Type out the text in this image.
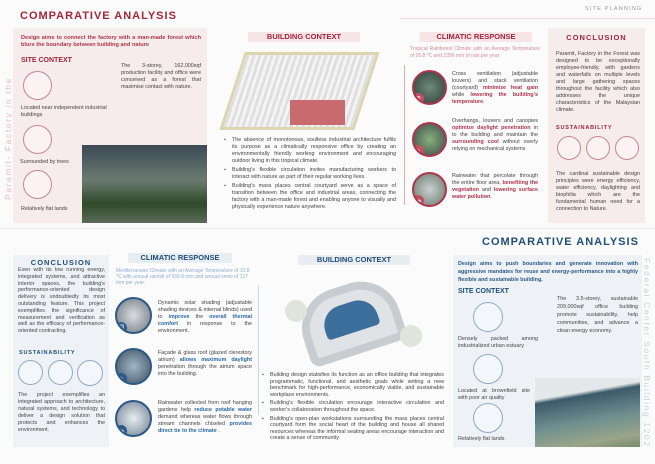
SITE PLANNING
COMPARATIVE ANALYSIS
Paramit- Factory in the
Design aims to connect the factory with a man-made forest which blurs the boundary between building and nature
SITE CONTEXT
The 3-storey, 162,000sqf production facility and office were conceived as a forest that maximise contact with nature.
Located near independent industrial buildings
Surrounded by trees
Relatively flat lands
BUILDING CONTEXT
▪ The absence of monotonous, soulless industrial architecture fulfils its purpose as a climatically responsive office by creating an environmentally friendly working environment and encouraging outdoor living in this tropical climate.
▪ Building's flexible circulation invites manufacturing workers to interact with nature as part of their regular working lives.
▪ Building's mass places central courtyard serve as a space of transition between the office and industrial areas, connecting the factory with a man-made forest and enabling anyone to visually and physically experience nature anywhere.
CLIMATIC RESPONSE
Tropical Rainforest Climate with an Average Temperature of 26.8 °C and 2356 mm of rain per year
≋
☼
☁
Cross ventilation (adjustable louvers) and stack ventilation (courtyard) minimize heat gain while lowering the building's temperature.
Overhangs, louvers and canopies optimize daylight penetration in to the building and maintain the surrounding cool without overly relying on mechanical systems
Rainwater that percolate through the entire floor area, benefiting the vegetation and lowering surface water pollution.
CONCLUSION
Paramit, Factory in the Forest was designed to be exceptionally employee-friendly, with gardens and waterfalls on multiple levels and large gathering spaces throughout the facility which also addresses the unique characteristics of the Malaysian climate.
SUSTAINABILITY
The cardinal sustainable design principles were energy efficiency, water efficiency, daylighting and biophilia which are the fundamental human need for a connection to Nature.
COMPARATIVE ANALYSIS
Federal Center South Building 1202
CONCLUSION
Even with its low running energy, integrated systems, and attractive interior spaces, the building's performance-oriented design delivery is undoubtedly its most outstanding feature. This project exemplifies the significance of measurement and verification as well as the efficacy of performance-oriented contracting.
SUSTAINABILITY
The project exemplifies an integrated approach to architecture, natural systems, and technology to deliver a design solution that protects and enhances the environment.
CLIMATIC RESPONSE
Mediterranean Climate with an Average Temperature of 10.8 °C with annual rainfall of 939.8 mm and annual snow of 127 mm per year.
▤
☼
☁
Dynamic solar shading (adjustable shading devices & internal blinds) used to improve the overall thermal comfort in response to the environment.
Façade & glass roof (glazed clerestory atrium) allows maximum daylight penetration through the atrium space into the building.
Rainwater collected from roof hanging gardens help reduce potable water demand whereas water flows through stream channels chiseled provides direct tie to the climate .
BUILDING CONTEXT
▪ Building design statisfies its function as an office building that integrates programmatic, functional, and aesthetic goals while setting a new benchmark for high-performance, economically viable, and sustainable workplace environments.
▪ Building's flexible circulation encourage interactive circulation and worker's collaboration throughout the space.
▪ Building's open-plan workstations surrounding the mass places central courtyard form the social heart of the building and house all shared resources whereas the informal seating areas encourage interaction and create a sense of community.
Design aims to push boundaries and generate innovation with aggressive mandates for reuse and energy-performance into a highly flexible and sustainable building.
SITE CONTEXT
The 3.5-storey, sustainable 209,000sqf office building promote sustainability, help communities, and advance a clean energy economy.
Densely packed among industrialized urban estuary
Located at brownfield site with poor air quality
Relatively flat lands
